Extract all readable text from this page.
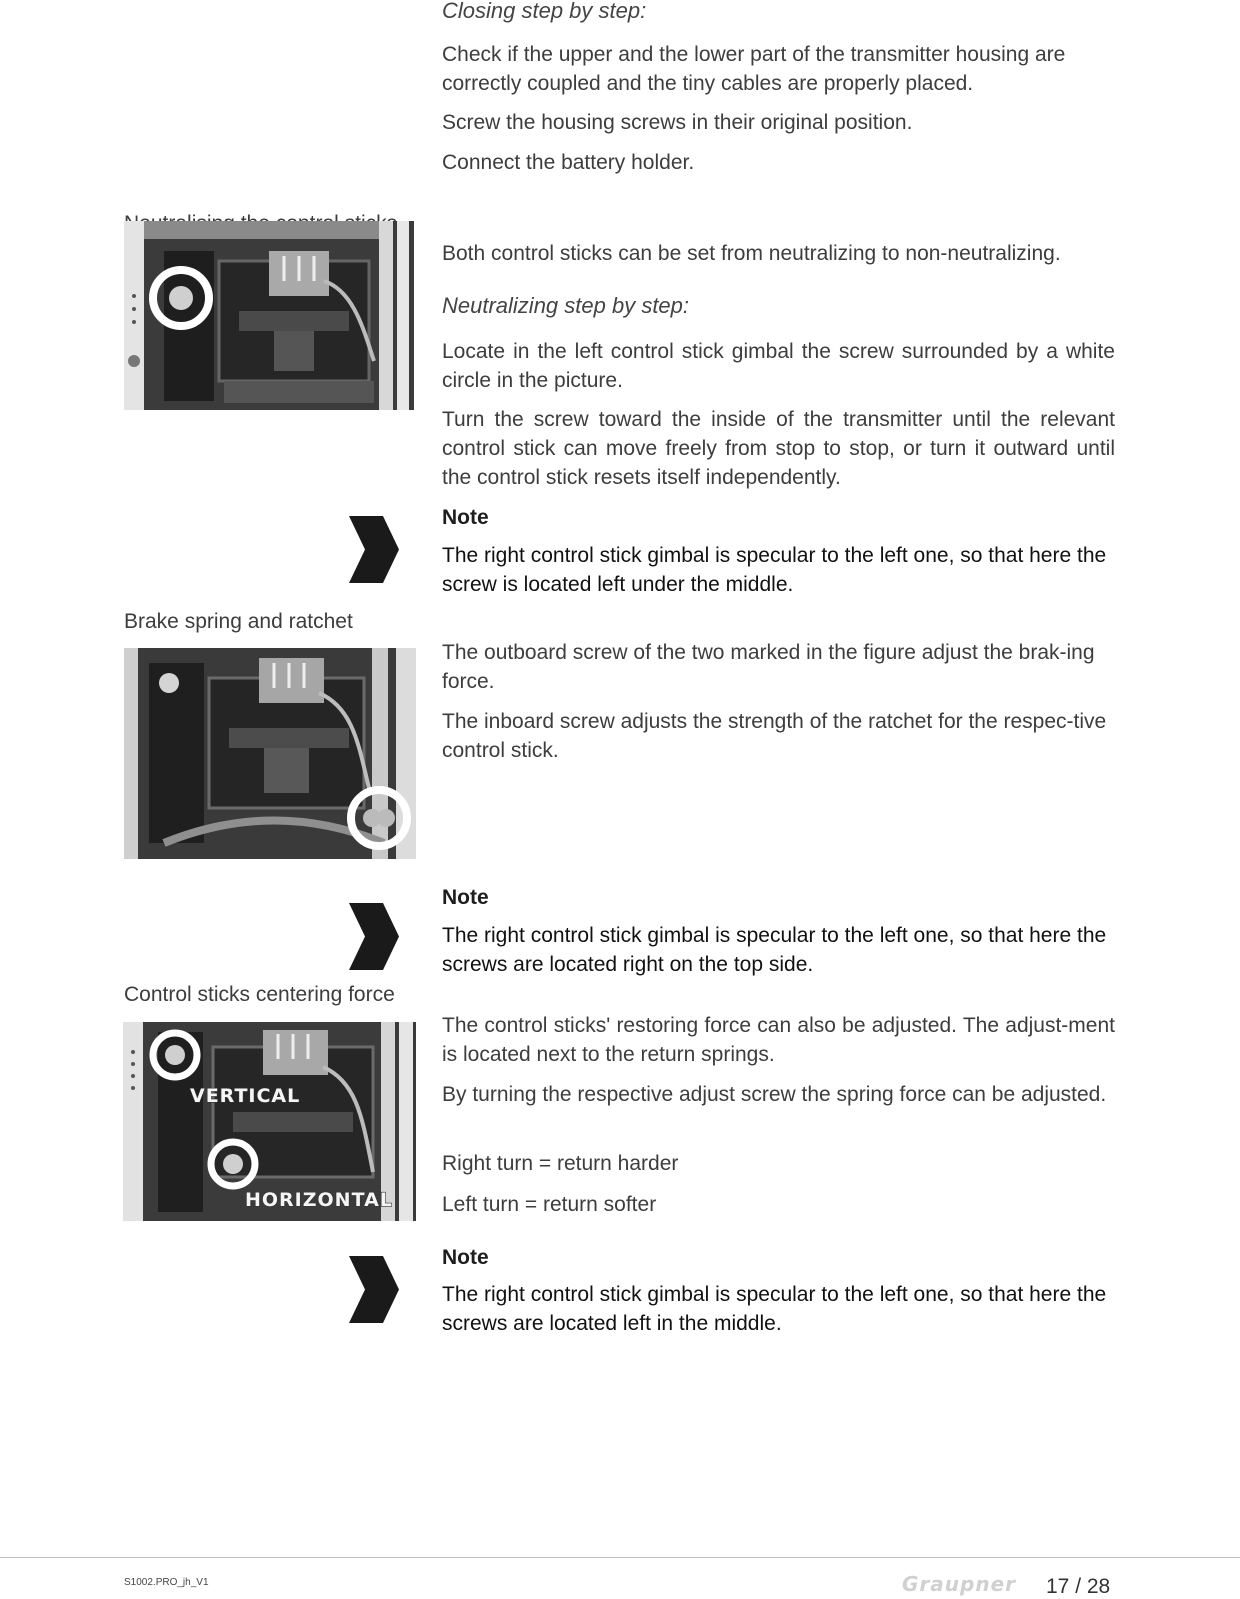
Closing step by step:
Check if the upper and the lower part of the transmitter housing are correctly coupled and the tiny cables are properly placed.
Screw the housing screws in their original position.
Connect the battery holder.
Both control sticks can be set from neutralizing to non-neutralizing.
Neutralizing step by step:
Locate in the left control stick gimbal the screw surrounded by a white circle in the picture.
Turn the screw toward the inside of the transmitter until the relevant control stick can move freely from stop to stop, or turn it outward until the control stick resets itself independently.
Note
The right control stick gimbal is specular to the left one, so that here the screw is located left under the middle.
Brake spring and ratchet
The outboard screw of the two marked in the figure adjust the brak-ing force.
The inboard screw adjusts the strength of the ratchet for the respec-tive control stick.
Note
The right control stick gimbal is specular to the left one, so that here the screws are located right on the top side.
Control sticks centering force
VERTICAL
HORIZONTAL
The control sticks' restoring force can also be adjusted. The adjust-ment is located next to the return springs.
By turning the respective adjust screw the spring force can be adjusted.
Right turn = return harder
Left turn = return softer
Note
The right control stick gimbal is specular to the left one, so that here the screws are located left in the middle.
S1002.PRO_jh_V1	Graupner 17 / 28
